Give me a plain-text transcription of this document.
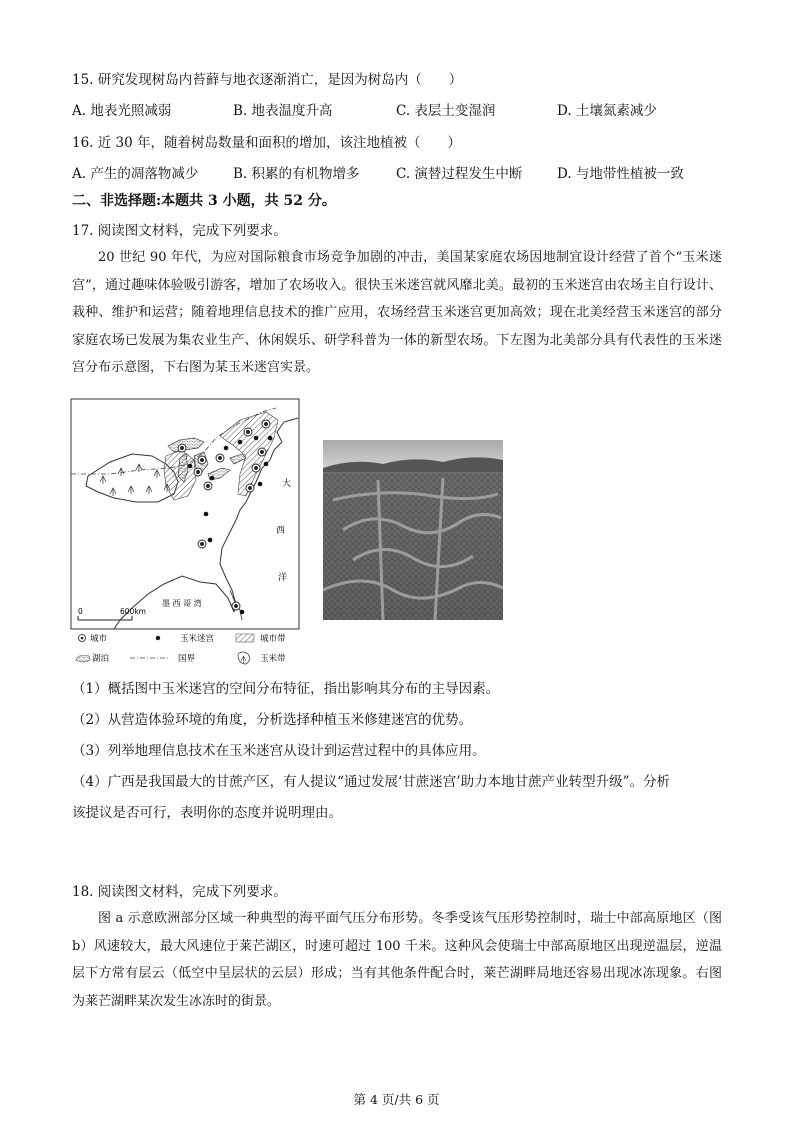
15. 研究发现树岛内苔藓与地衣逐渐消亡，是因为树岛内（　　）
A. 地表光照减弱	B. 地表温度升高	C. 表层土变湿润	D. 土壤氮素减少
16. 近 30 年，随着树岛数量和面积的增加，该注地植被（　　）
A. 产生的凋落物减少	B. 积累的有机物增多	C. 演替过程发生中断	D. 与地带性植被一致
二、非选择题:本题共 3 小题，共 52 分。
17. 阅读图文材料，完成下列要求。
20 世纪 90 年代，为应对国际粮食市场竞争加剧的冲击，美国某家庭农场因地制宜设计经营了首个“玉米迷宫”，通过趣味体验吸引游客，增加了农场收入。很快玉米迷宫就风靡北美。最初的玉米迷宫由农场主自行设计、栽种、维护和运营；随着地理信息技术的推广应用，农场经营玉米迷宫更加高效；现在北美经营玉米迷宫的部分家庭农场已发展为集农业生产、休闲娱乐、研学科普为一体的新型农场。下左图为北美部分具有代表性的玉米迷宫分布示意图，下右图为某玉米迷宫实景。
大
西
洋
墨 西 哥 湾
0	600km
城市	玉米迷宫	城市带
湖泊	国界	玉米带
（1）概括图中玉米迷宫的空间分布特征，指出影响其分布的主导因素。
（2）从营造体验环境的角度，分析选择种植玉米修建迷宫的优势。
（3）列举地理信息技术在玉米迷宫从设计到运营过程中的具体应用。
（4）广西是我国最大的甘蔗产区，有人提议“通过发展‘甘蔗迷宫’助力本地甘蔗产业转型升级”。分析
该提议是否可行，表明你的态度并说明理由。
18. 阅读图文材料，完成下列要求。
图 a 示意欧洲部分区域一种典型的海平面气压分布形势。冬季受该气压形势控制时，瑞士中部高原地区（图 b）风速较大，最大风速位于莱芒湖区，时速可超过 100 千米。这种风会使瑞士中部高原地区出现逆温层，逆温层下方常有层云（低空中呈层状的云层）形成；当有其他条件配合时，莱芒湖畔局地还容易出现冰冻现象。右图为莱芒湖畔某次发生冰冻时的街景。
第 4 页/共 6 页
